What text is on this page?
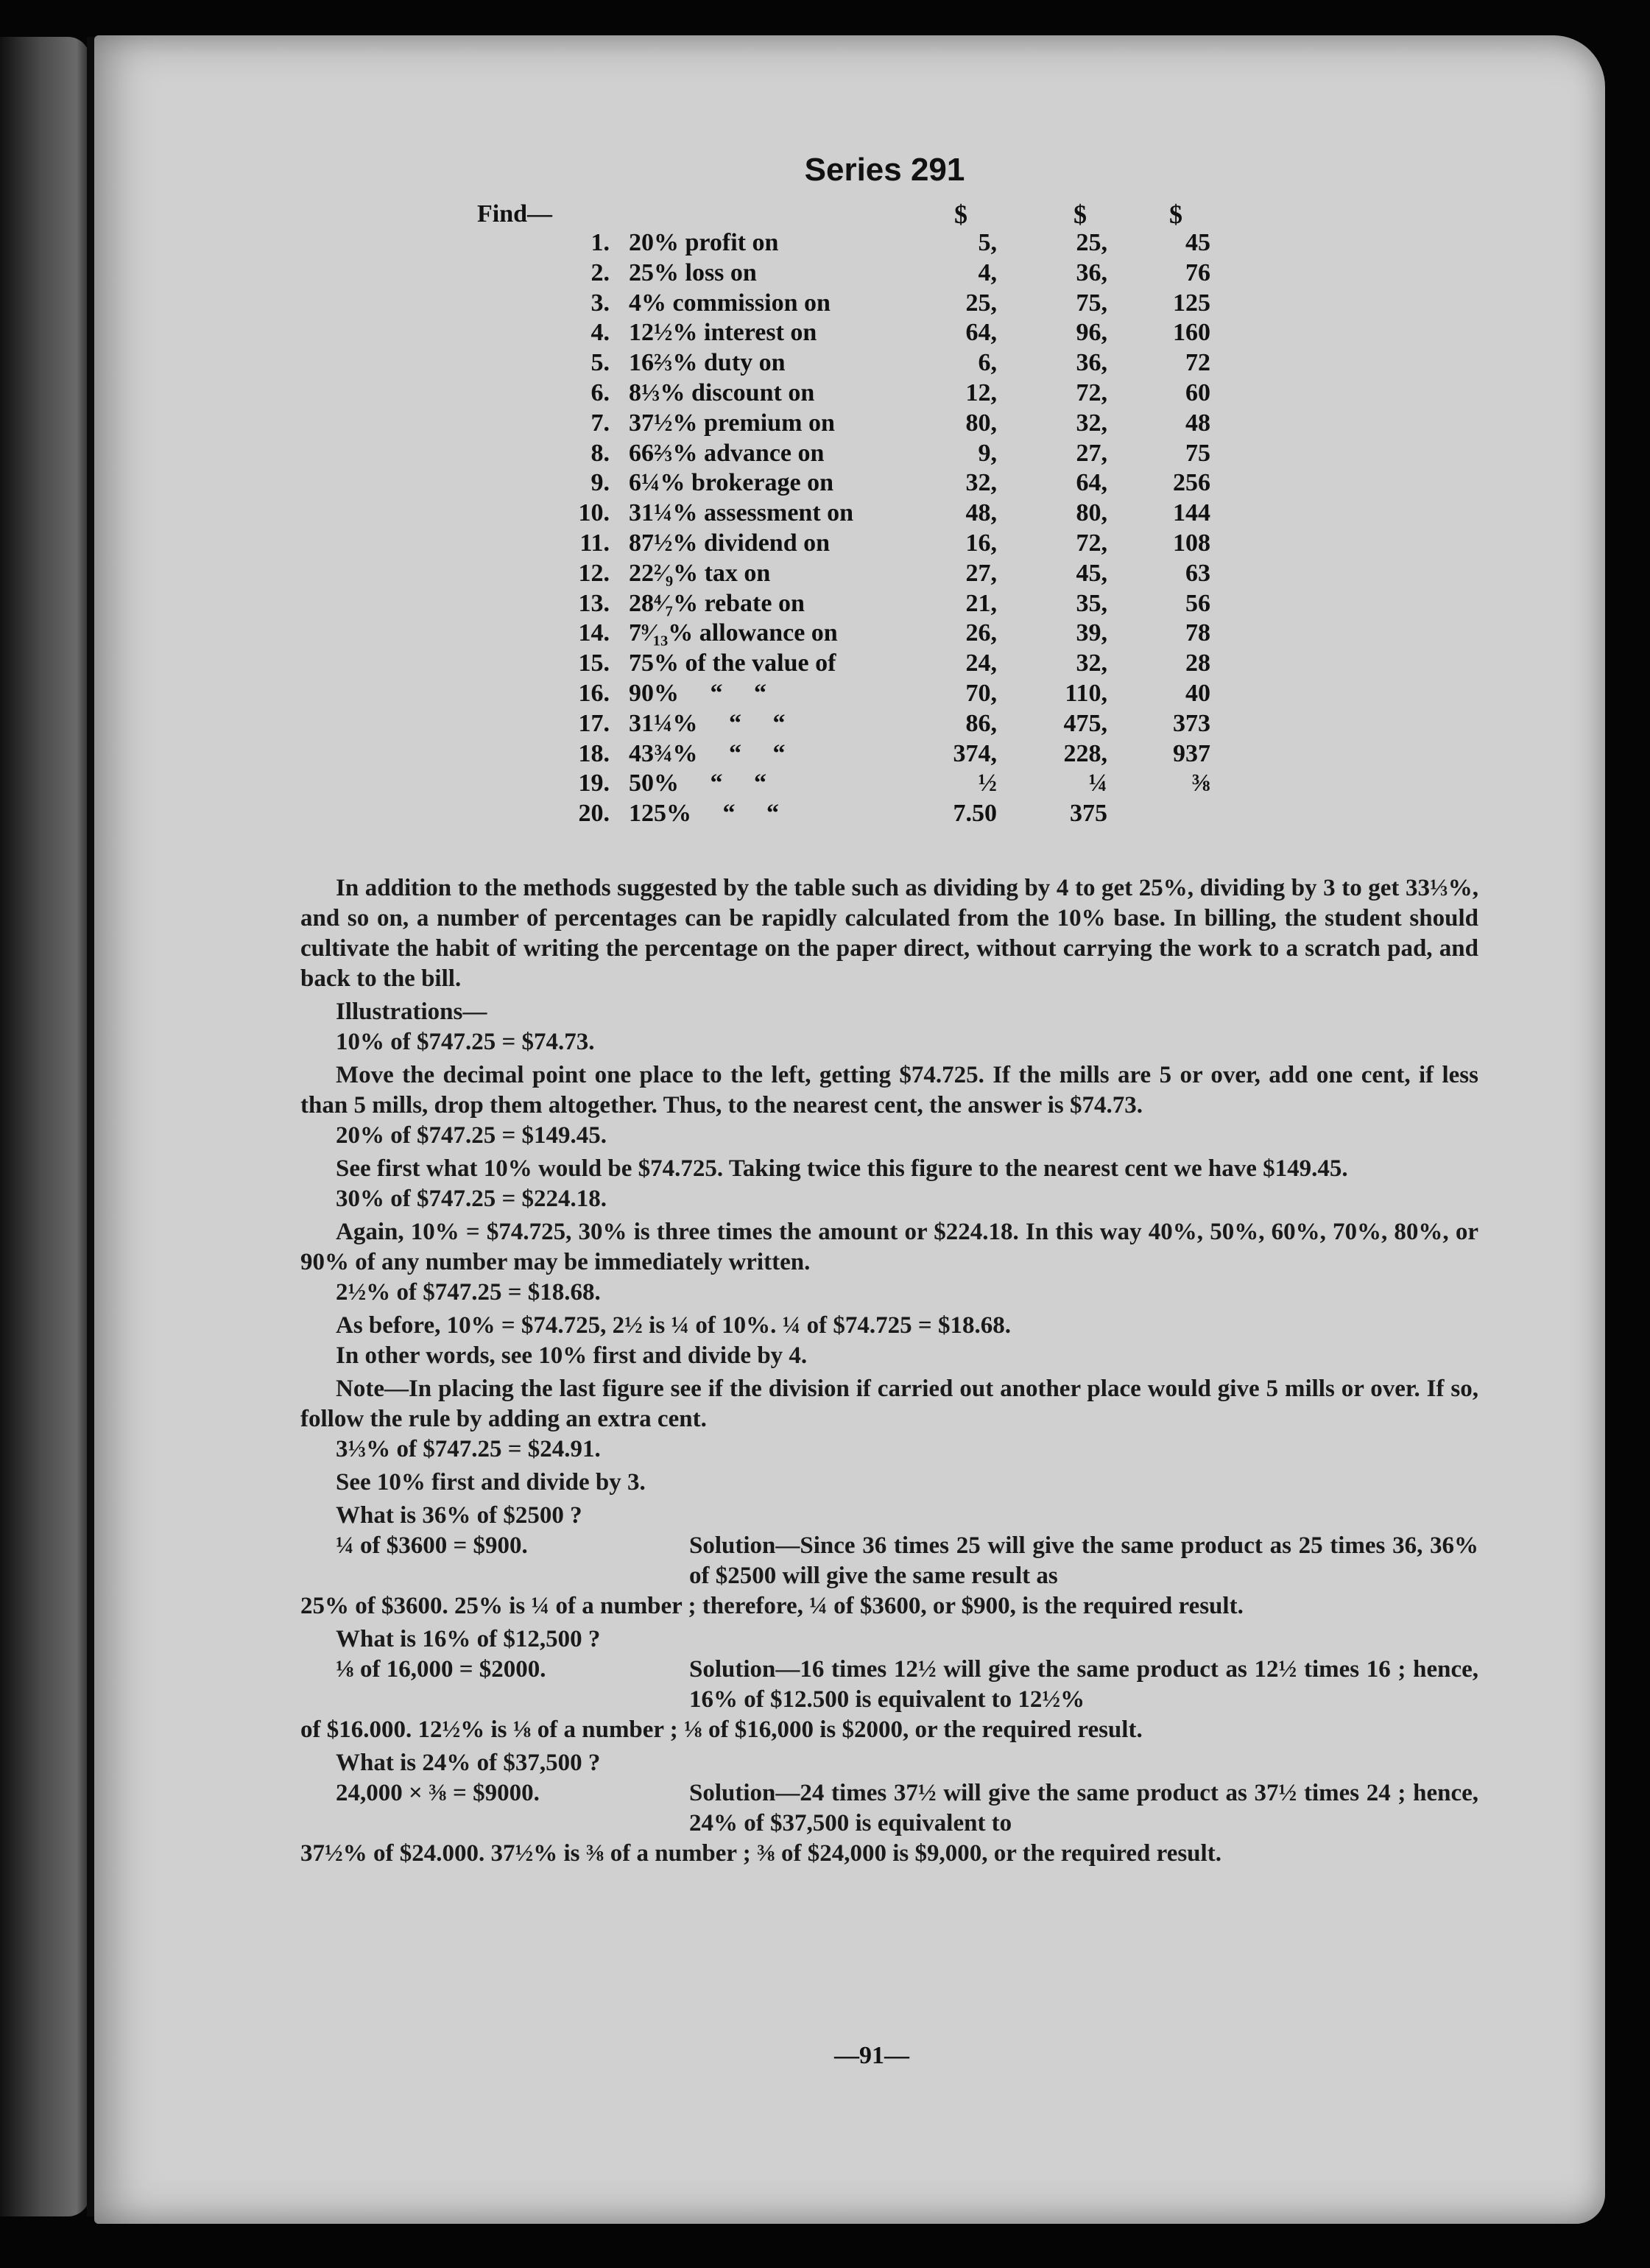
Series 291
Find—	$	$	$
1.	20% profit on	5,	25,	45
2.	25% loss on	4,	36,	76
3.	4% commission on	25,	75,	125
4.	12½% interest on	64,	96,	160
5.	16⅔% duty on	6,	36,	72
6.	8⅓% discount on	12,	72,	60
7.	37½% premium on	80,	32,	48
8.	66⅔% advance on	9,	27,	75
9.	6¼% brokerage on	32,	64,	256
10.	31¼% assessment on	48,	80,	144
11.	87½% dividend on	16,	72,	108
12.	22²⁄₉% tax on	27,	45,	63
13.	28⁴⁄₇% rebate on	21,	35,	56
14.	7⁹⁄₁₃% allowance on	26,	39,	78
15.	75% of the value of	24,	32,	28
16.	90%     “     “	70,	110,	40
17.	31¼%     “     “	86,	475,	373
18.	43¾%     “     “	374,	228,	937
19.	50%     “     “	½	¼	⅜
20.	125%     “     “	7.50	375	

In addition to the methods suggested by the table such as dividing by 4 to get 25%, dividing by 3 to get 33⅓%, and so on, a number of percentages can be rapidly calculated from the 10% base. In billing, the student should cultivate the habit of writing the percentage on the paper direct, without carrying the work to a scratch pad, and back to the bill.

Illustrations—

10% of $747.25 = $74.73.

Move the decimal point one place to the left, getting $74.725. If the mills are 5 or over, add one cent, if less than 5 mills, drop them altogether. Thus, to the nearest cent, the answer is $74.73.

20% of $747.25 = $149.45.

See first what 10% would be $74.725. Taking twice this figure to the nearest cent we have $149.45.

30% of $747.25 = $224.18.

Again, 10% = $74.725, 30% is three times the amount or $224.18. In this way 40%, 50%, 60%, 70%, 80%, or 90% of any number may be immediately written.

2½% of $747.25 = $18.68.

As before, 10% = $74.725, 2½ is ¼ of 10%. ¼ of $74.725 = $18.68.

In other words, see 10% first and divide by 4.

Note—In placing the last figure see if the division if carried out another place would give 5 mills or over. If so, follow the rule by adding an extra cent.

3⅓% of $747.25 = $24.91.

See 10% first and divide by 3.

What is 36% of $2500 ?

¼ of $3600 = $900.	Solution—Since 36 times 25 will give the same product as 25 times 36, 36% of $2500 will give the same result as

25% of $3600. 25% is ¼ of a number ; therefore, ¼ of $3600, or $900, is the required result.

What is 16% of $12,500 ?

⅛ of 16,000 = $2000.	Solution—16 times 12½ will give the same product as 12½ times 16 ; hence, 16% of $12.500 is equivalent to 12½%

of $16.000. 12½% is ⅛ of a number ; ⅛ of $16,000 is $2000, or the required result.

What is 24% of $37,500 ?

24,000 × ⅜ = $9000.	Solution—24 times 37½ will give the same product as 37½ times 24 ; hence, 24% of $37,500 is equivalent to

37½% of $24.000. 37½% is ⅜ of a number ; ⅜ of $24,000 is $9,000, or the required result.

—91—
